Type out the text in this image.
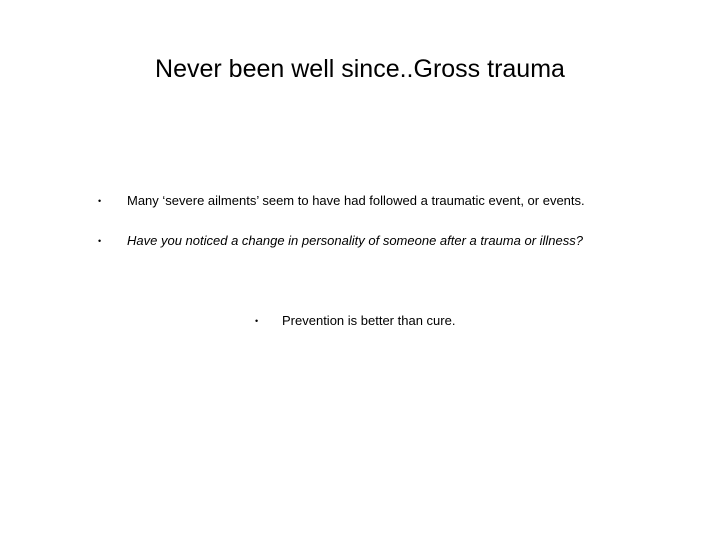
Never been well since..Gross trauma
• Many ‘severe ailments’ seem to have had followed a traumatic event, or events.
• Have you noticed a change in personality of someone after a trauma or illness?
• Prevention is better than cure.
